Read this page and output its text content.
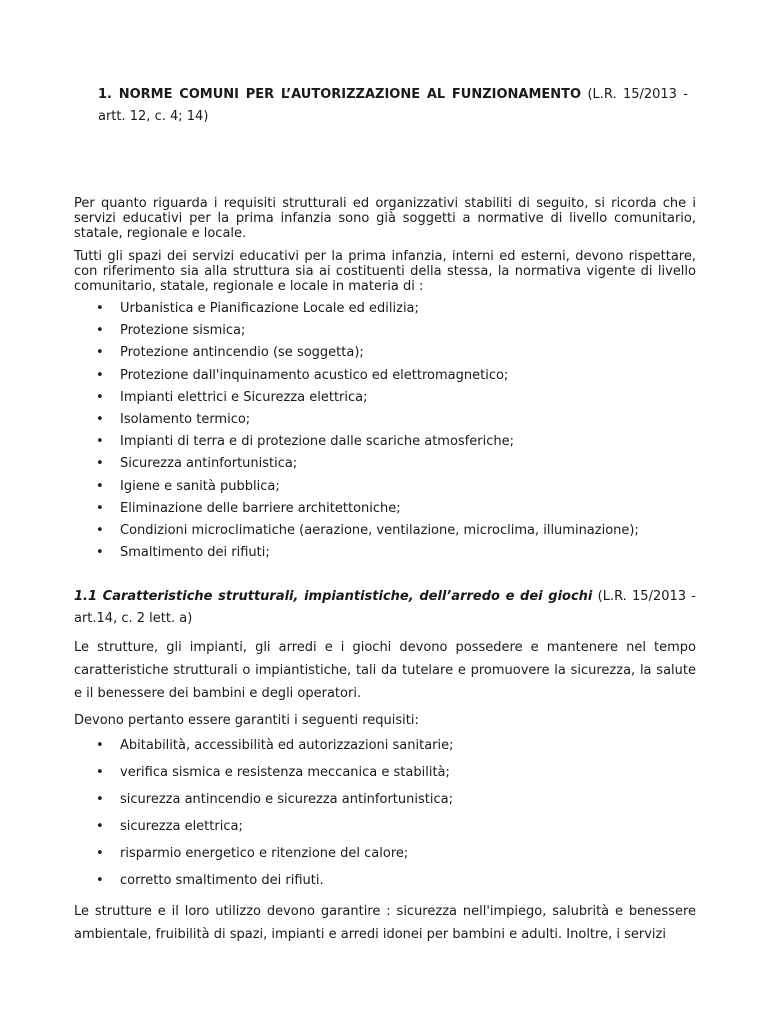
1. NORME COMUNI PER L’AUTORIZZAZIONE AL FUNZIONAMENTO (L.R. 15/2013 - artt. 12, c. 4; 14)
Per quanto riguarda i requisiti strutturali ed organizzativi stabiliti di seguito, si ricorda che i servizi educativi per la prima infanzia sono già soggetti a normative di livello comunitario, statale, regionale e locale.
Tutti gli spazi dei servizi educativi per la prima infanzia, interni ed esterni, devono rispettare, con riferimento sia alla struttura sia ai costituenti della stessa, la normativa vigente di livello comunitario, statale, regionale e locale in materia di :
• Urbanistica e Pianificazione Locale ed edilizia;
• Protezione sismica;
• Protezione antincendio (se soggetta);
• Protezione dall'inquinamento acustico ed elettromagnetico;
• Impianti elettrici e Sicurezza elettrica;
• Isolamento termico;
• Impianti di terra e di protezione dalle scariche atmosferiche;
• Sicurezza antinfortunistica;
• Igiene e sanità pubblica;
• Eliminazione delle barriere architettoniche;
• Condizioni microclimatiche (aerazione, ventilazione, microclima, illuminazione);
• Smaltimento dei rifiuti;
1.1 Caratteristiche strutturali, impiantistiche, dell’arredo e dei giochi (L.R. 15/2013 - art.14, c. 2 lett. a)
Le strutture, gli impianti, gli arredi e i giochi devono possedere e mantenere nel tempo caratteristiche strutturali o impiantistiche, tali da tutelare e promuovere la sicurezza, la salute e il benessere dei bambini e degli operatori.
Devono pertanto essere garantiti i seguenti requisiti:
• Abitabilità, accessibilità ed autorizzazioni sanitarie;
• verifica sismica e resistenza meccanica e stabilità;
• sicurezza antincendio e sicurezza antinfortunistica;
• sicurezza elettrica;
• risparmio energetico e ritenzione del calore;
• corretto smaltimento dei rifiuti.
Le strutture e il loro utilizzo devono garantire : sicurezza nell'impiego, salubrità e benessere ambientale, fruibilità di spazi, impianti e arredi idonei per bambini e adulti. Inoltre, i servizi
